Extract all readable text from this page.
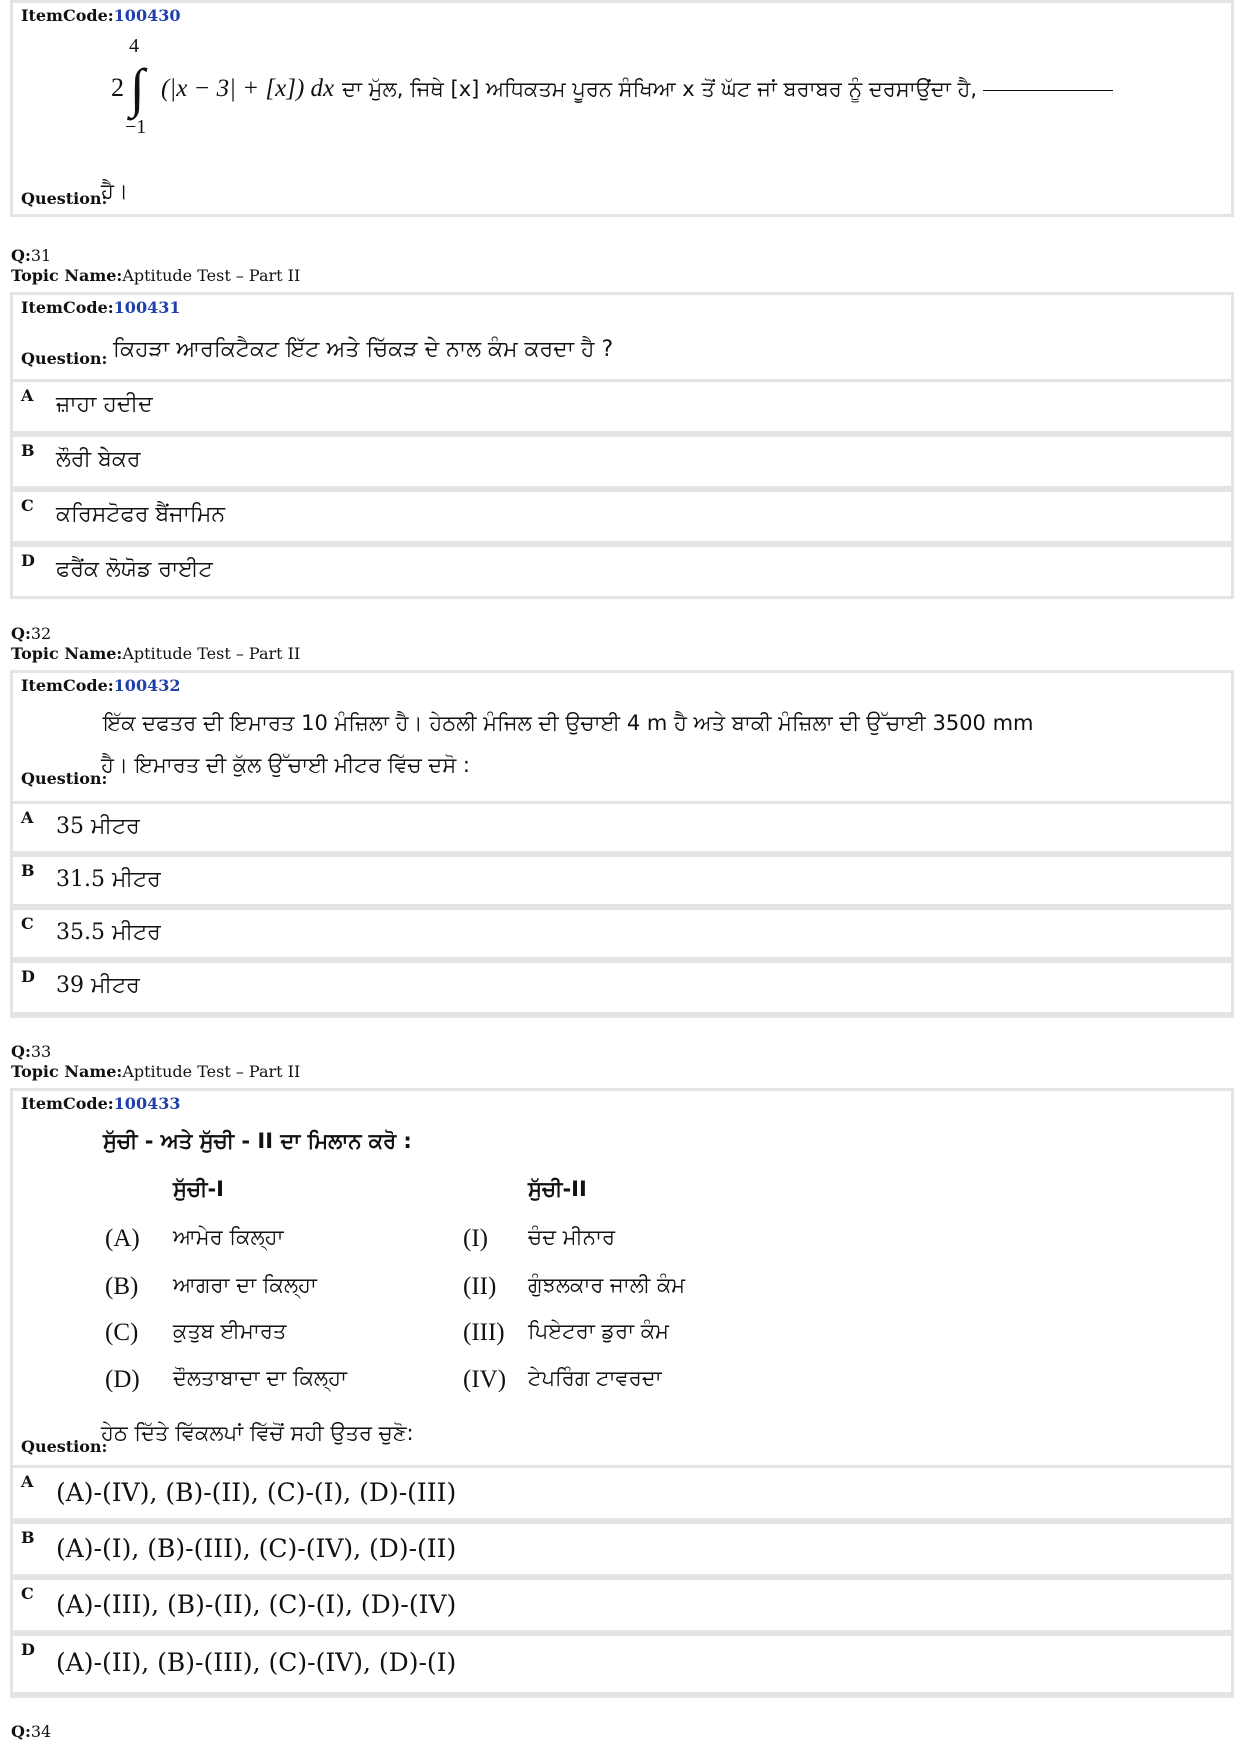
ItemCode:100430
4
2 ∫
−1
(|x − 3| + [x]) dx ਦਾ ਮੁੱਲ, ਜਿਥੇ [x] ਅਧਿਕਤਮ ਪੂਰਨ ਸੰਖਿਆ x ਤੋਂ ਘੱਟ ਜਾਂ ਬਰਾਬਰ ਨੂੰ ਦਰਸਾਉਂਦਾ ਹੈ,
Question:
ਹੈ।
Q:31
Topic Name:Aptitude Test – Part II
ItemCode:100431
Question: ਕਿਹੜਾ ਆਰਕਿਟੈਕਟ ਇੱਟ ਅਤੇ ਚਿੱਕੜ ਦੇ ਨਾਲ ਕੰਮ ਕਰਦਾ ਹੈ ?
A ਜ਼ਾਹਾ ਹਦੀਦ
B ਲੌਰੀ ਬੇਕਰ
C ਕਰਿਸਟੋਫਰ ਬੈਂਜਾਮਿਨ
D ਫਰੈਂਕ ਲੋਯੋਡ ਰਾਈਟ
Q:32
Topic Name:Aptitude Test – Part II
ItemCode:100432
ਇੱਕ ਦਫਤਰ ਦੀ ਇਮਾਰਤ 10 ਮੰਜ਼ਿਲਾ ਹੈ। ਹੇਠਲੀ ਮੰਜਿਲ ਦੀ ਉਚਾਈ 4 m ਹੈ ਅਤੇ ਬਾਕੀ ਮੰਜ਼ਿਲਾ ਦੀ ਉੱਚਾਈ 3500 mm
Question:
ਹੈ। ਇਮਾਰਤ ਦੀ ਕੁੱਲ ਉੱਚਾਈ ਮੀਟਰ ਵਿੱਚ ਦਸੋ :
A 35 ਮੀਟਰ
B 31.5 ਮੀਟਰ
C 35.5 ਮੀਟਰ
D 39 ਮੀਟਰ
Q:33
Topic Name:Aptitude Test – Part II
ItemCode:100433
ਸੁੱਚੀ - ਅਤੇ ਸੁੱਚੀ - II ਦਾ ਮਿਲਾਨ ਕਰੋ :
ਸੁੱਚੀ-I	ਸੁੱਚੀ-II
(A) ਆਮੇਰ ਕਿਲ੍ਹਾ	(I) ਚੰਦ ਮੀਨਾਰ
(B) ਆਗਰਾ ਦਾ ਕਿਲ੍ਹਾ	(II) ਗੁੰਝਲਕਾਰ ਜਾਲੀ ਕੰਮ
(C) ਕੁਤੁਬ ਈਮਾਰਤ	(III) ਪਿਏਟਰਾ ਡੁਰਾ ਕੰਮ
(D) ਦੌਲਤਾਬਾਦਾ ਦਾ ਕਿਲ੍ਹਾ	(IV) ਟੇਪਰਿੰਗ ਟਾਵਰਦਾ
Question:
ਹੇਠ ਦਿੱਤੇ ਵਿੱਕਲਪਾਂ ਵਿੱਚੋਂ ਸਹੀ ਉਤਰ ਚੁਣੋ:
A (A)-(IV), (B)-(II), (C)-(I), (D)-(III)
B (A)-(I), (B)-(III), (C)-(IV), (D)-(II)
C (A)-(III), (B)-(II), (C)-(I), (D)-(IV)
D (A)-(II), (B)-(III), (C)-(IV), (D)-(I)
Q:34
